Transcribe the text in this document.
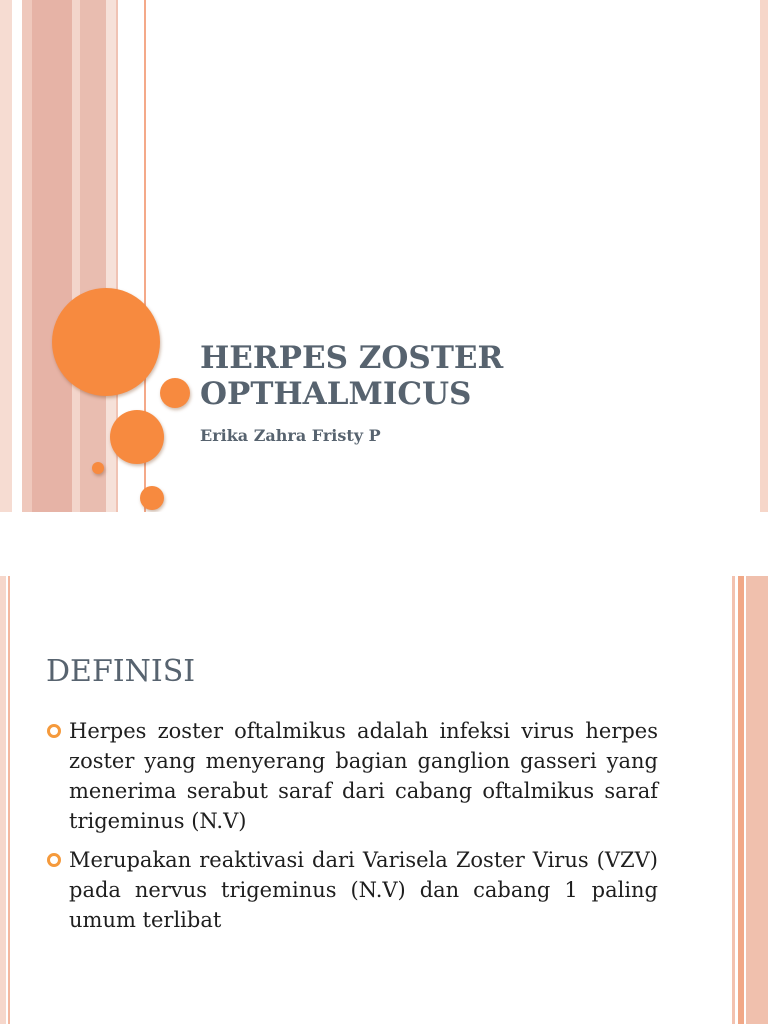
HERPES ZOSTER
OPTHALMICUS
Erika Zahra Fristy P
DEFINISI
Herpes zoster oftalmikus adalah infeksi virus herpes zoster yang menyerang bagian ganglion gasseri yang menerima serabut saraf dari cabang oftalmikus saraf trigeminus (N.V)
Merupakan reaktivasi dari Varisela Zoster Virus (VZV) pada nervus trigeminus (N.V) dan cabang 1 paling umum terlibat
